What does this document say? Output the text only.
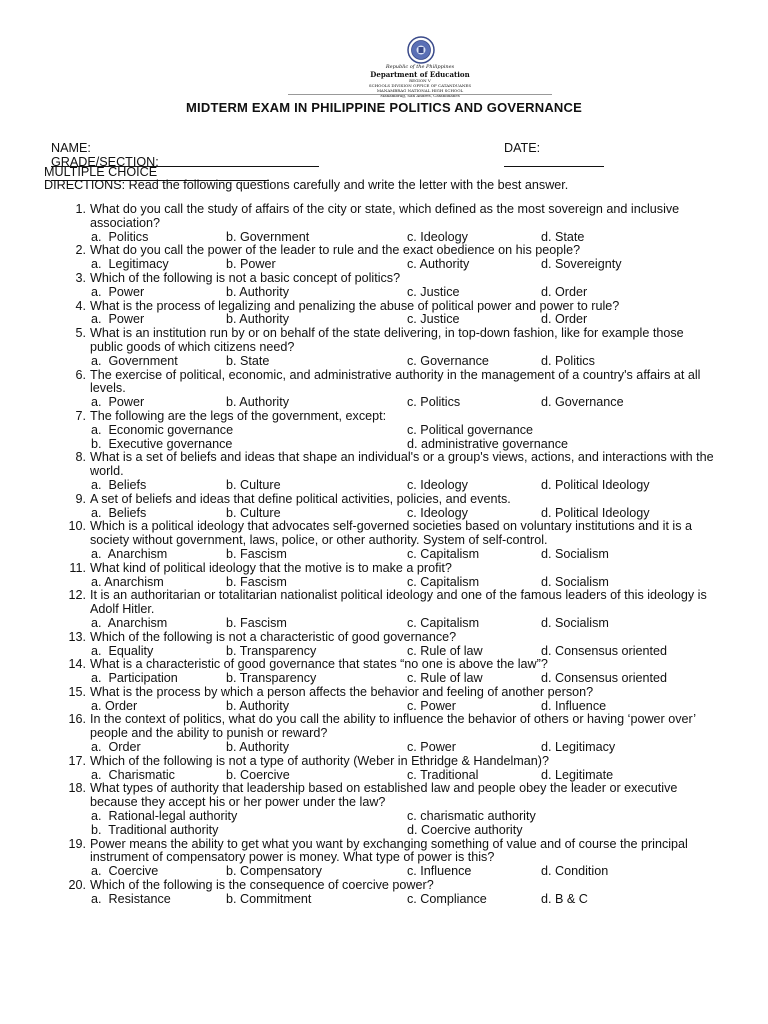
Republic of the Philippines
Department of Education
REGION V
SCHOOLS DIVISION OFFICE OF CATANDUANES
MANAMBRAG NATIONAL HIGH SCHOOL
Manambrag, San Andres, Catanduanes
MIDTERM EXAM IN PHILIPPINE POLITICS AND GOVERNANCE

NAME:
	DATE:

GRADE/SECTION:

MULTIPLE CHOICE
DIRECTIONS: Read the following questions carefully and write the letter with the best answer.
1. What do you call the study of affairs of the city or state, which defined as the most sovereign and inclusive association?
a.  Politics	b. Government	c. Ideology	d. State
2. What do you call the power of the leader to rule and the exact obedience on his people?
a.  Legitimacy	b. Power	c. Authority	d. Sovereignty
3. Which of the following is not a basic concept of politics?
a.  Power	b. Authority	c. Justice	d. Order
4. What is the process of legalizing and penalizing the abuse of political power and power to rule?
a.  Power	b. Authority	c. Justice	d. Order
5. What is an institution run by or on behalf of the state delivering, in top-down fashion, like for example those public goods of which citizens need?
a.  Government	b. State	c. Governance	d. Politics
6. The exercise of political, economic, and administrative authority in the management of a country's affairs at all levels.
a.  Power	b. Authority	c. Politics	d. Governance
7. The following are the legs of the government, except:
a.  Economic governance	c. Political governance
b.  Executive governance	d. administrative governance
8. What is a set of beliefs and ideas that shape an individual's or a group's views, actions, and interactions with the world.
a.  Beliefs	b. Culture	c. Ideology	d. Political Ideology
9. A set of beliefs and ideas that define political activities, policies, and events.
a.  Beliefs	b. Culture	c. Ideology	d. Political Ideology
10. Which is a political ideology that advocates self-governed societies based on voluntary institutions and it is a society without government, laws, police, or other authority. System of self-control.
a.  Anarchism	b. Fascism	c. Capitalism	d. Socialism
11. What kind of political ideology that the motive is to make a profit?
a. Anarchism	b. Fascism	c. Capitalism	d. Socialism
12. It is an authoritarian or totalitarian nationalist political ideology and one of the famous leaders of this ideology is Adolf Hitler.
a.  Anarchism	b. Fascism	c. Capitalism	d. Socialism
13. Which of the following is not a characteristic of good governance?
a.  Equality	b. Transparency	c. Rule of law	d. Consensus oriented
14. What is a characteristic of good governance that states “no one is above the law”?
a.  Participation	b. Transparency	c. Rule of law	d. Consensus oriented
15. What is the process by which a person affects the behavior and feeling of another person?
a. Order	b. Authority	c. Power	d. Influence
16. In the context of politics, what do you call the ability to influence the behavior of others or having ‘power over’ people and the ability to punish or reward?
a.  Order	b. Authority	c. Power	d. Legitimacy
17. Which of the following is not a type of authority (Weber in Ethridge & Handelman)?
a.  Charismatic	b. Coercive	c. Traditional	d. Legitimate
18. What types of authority that leadership based on established law and people obey the leader or executive because they accept his or her power under the law?
a.  Rational-legal authority	c. charismatic authority
b.  Traditional authority	d. Coercive authority
19. Power means the ability to get what you want by exchanging something of value and of course the principal instrument of compensatory power is money. What type of power is this?
a.  Coercive	b. Compensatory	c. Influence	d. Condition
20. Which of the following is the consequence of coercive power?
a.  Resistance	b. Commitment	c. Compliance	d. B & C
